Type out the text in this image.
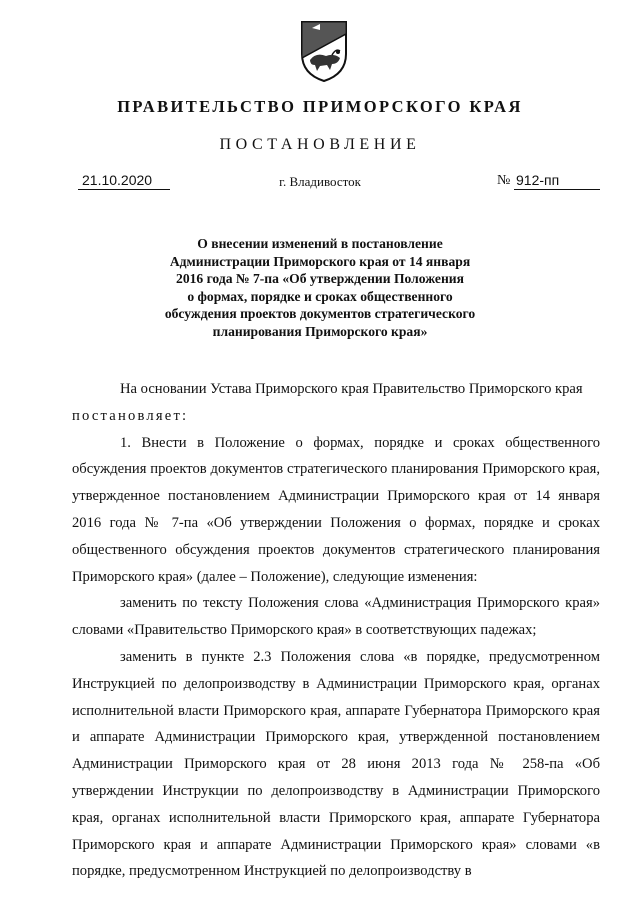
ПРАВИТЕЛЬСТВО ПРИМОРСКОГО КРАЯ
ПОСТАНОВЛЕНИЕ
21.10.2020	г. Владивосток	№ 912-пп
О внесении изменений в постановление
Администрации Приморского края от 14 января
2016 года № 7-па «Об утверждении Положения
о формах, порядке и сроках общественного
обсуждения проектов документов стратегического
планирования Приморского края»

На основании Устава Приморского края Правительство Приморского края

постановляет:

1. Внести в Положение о формах, порядке и сроках общественного обсуждения проектов документов стратегического планирования Приморского края, утвержденное постановлением Администрации Приморского края от 14 января 2016 года № 7-па «Об утверждении Положения о формах, порядке и сроках общественного обсуждения проектов документов стратегического планирования Приморского края» (далее – Положение), следующие изменения:

заменить по тексту Положения слова «Администрация Приморского края» словами «Правительство Приморского края» в соответствующих падежах;

заменить в пункте 2.3 Положения слова «в порядке, предусмотренном Инструкцией по делопроизводству в Администрации Приморского края, органах исполнительной власти Приморского края, аппарате Губернатора Приморского края и аппарате Администрации Приморского края, утвержденной постановлением Администрации Приморского края от 28 июня 2013 года № 258-па «Об утверждении Инструкции по делопроизводству в Администрации Приморского края, органах исполнительной власти Приморского края, аппарате Губернатора Приморского края и аппарате Администрации Приморского края» словами «в порядке, предусмотренном Инструкцией по делопроизводству в
